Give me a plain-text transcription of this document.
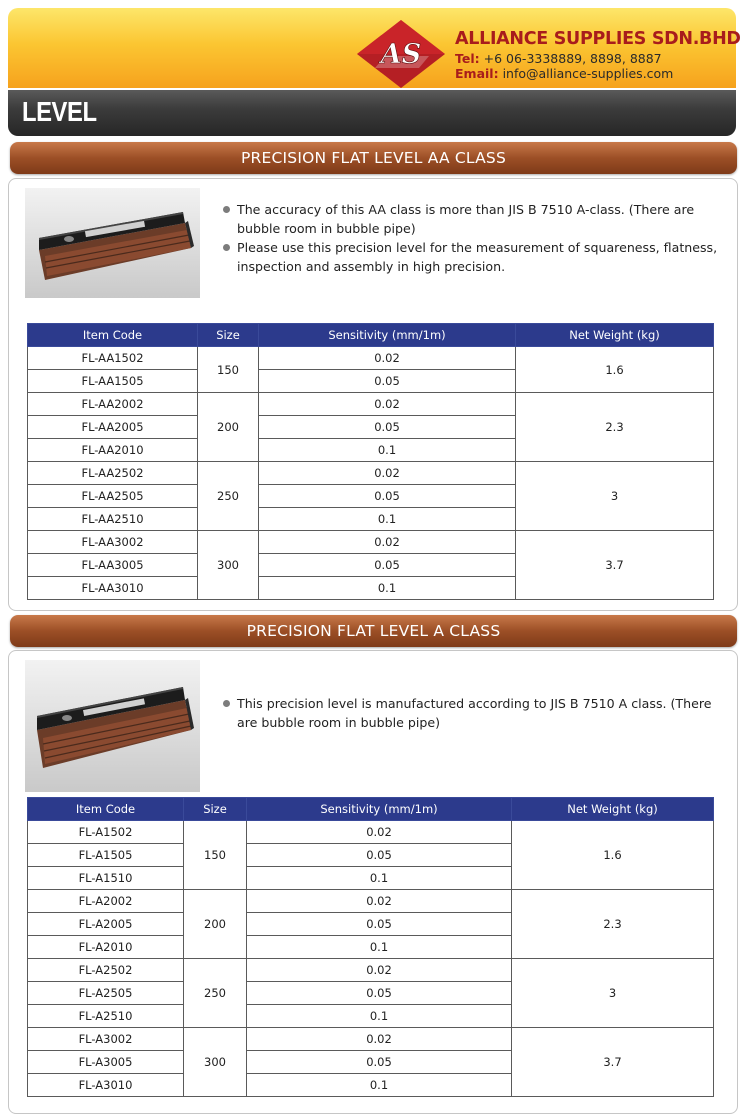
AS ALLIANCE SUPPLIES SDN.BHD
Tel: +6 06-3338889, 8898, 8887
Email: info@alliance-supplies.com
LEVEL
PRECISION FLAT LEVEL AA CLASS
The accuracy of this AA class is more than JIS B 7510 A-class. (There are bubble room in bubble pipe)
Please use this precision level for the measurement of squareness, flatness, inspection and assembly in high precision.
Item Code	Size	Sensitivity (mm/1m)	Net Weight (kg)
FL-AA1502	150	0.02	1.6
FL-AA1505		0.05	
FL-AA2002	200	0.02	2.3
FL-AA2005		0.05	
FL-AA2010		0.1	
FL-AA2502	250	0.02	3
FL-AA2505		0.05	
FL-AA2510		0.1	
FL-AA3002	300	0.02	3.7
FL-AA3005		0.05	
FL-AA3010		0.1	
PRECISION FLAT LEVEL A CLASS
This precision level is manufactured according to JIS B 7510 A class. (There are bubble room in bubble pipe)
Item Code	Size	Sensitivity (mm/1m)	Net Weight (kg)
FL-A1502	150	0.02	1.6
FL-A1505		0.05	
FL-A1510		0.1	
FL-A2002	200	0.02	2.3
FL-A2005		0.05	
FL-A2010		0.1	
FL-A2502	250	0.02	3
FL-A2505		0.05	
FL-A2510		0.1	
FL-A3002	300	0.02	3.7
FL-A3005		0.05	
FL-A3010		0.1	
